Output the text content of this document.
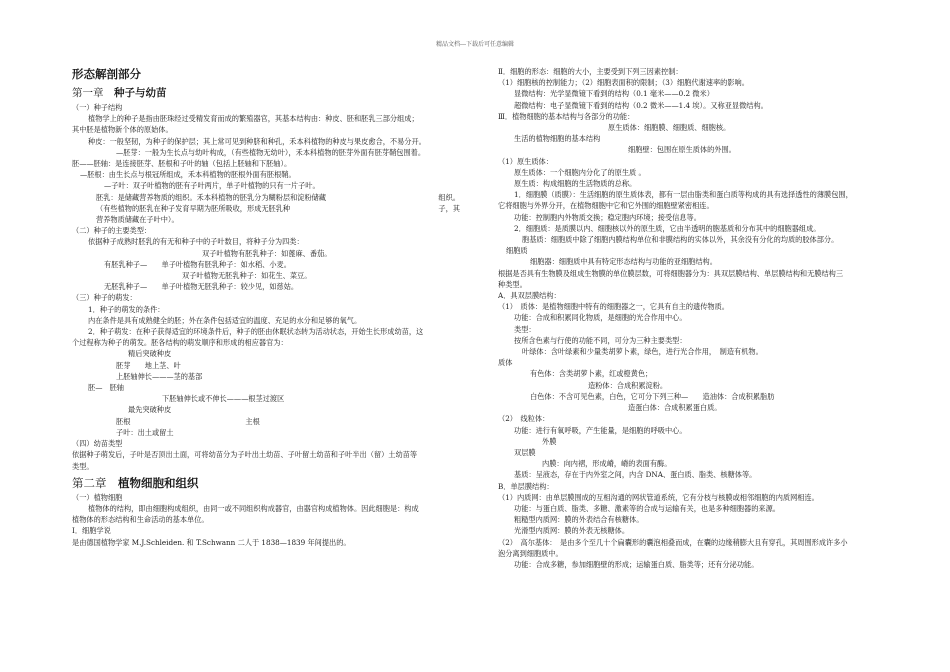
精品文档---下载后可任意编辑
形态解剖部分
第一章　 种子与幼苗
（一）种子结构
植物学上的种子是指由胚珠经过受精发育而成的繁殖器官，其基本结构由：种皮、胚和胚乳三部分组成；
其中胚是植物新个体的原始体。
种皮：一般坚韧，为种子的保护层；其上常可见到种脐和种孔，禾本科植物的种皮与果皮愈合，不易分开。
—胚芽：一般为生长点与幼叶构成，（有些植物无幼叶），禾本科植物的胚芽外面有胚芽鞘包围着。
胚——胚轴：是连接胚芽、胚根和子叶的轴（包括上胚轴和下胚轴）。
—胚根：由生长点与根冠所组成，禾本科植物的胚根外面有胚根鞘。
—子叶：双子叶植物的胚有子叶两片，单子叶植物的只有一片子叶。
胚乳：是储藏营养物质的组织。禾本科植物的胚乳分为糊粉层和淀粉储藏	组织。
（有些植物的胚乳在种子发育早期为胚所吸收，形成无胚乳种	子，其
营养物质储藏在子叶中）。
（二）种子的主要类型：
依据种子成熟时胚乳的有无和种子中的子叶数目，将种子分为四类：
双子叶植物有胚乳种子：如蓖麻、番茄。
有胚乳种子—　　单子叶植物有胚乳种子：如水稻、小麦。
双子叶植物无胚乳种子：如花生、菜豆。
无胚乳种子—　　单子叶植物无胚乳种子：较少见，如慈姑。
（三）种子的萌发：
1．种子的萌发的条件：
内在条件是具有成熟健全的胚；外在条件包括适宜的温度、充足的水分和足够的氧气。
2．种子萌发：在种子获得适宜的环境条件后，种子的胚由休眠状态转为活动状态，开始生长形成幼苗，这
个过程称为种子的萌发。胚各结构的萌发顺序和形成的相应器官为：
精后突破种皮
胚芽　　地上茎、叶
上胚轴伸长———茎的基部
胚—　胚轴
下胚轴伸长或不伸长———根茎过渡区
最先突破种皮
胚根　　　　　　　　　　　　　　　　主根
子叶：出土或留土
（四）幼苗类型
依据种子萌发后，子叶是否顶出土面，可将幼苗分为子叶出土幼苗、子叶留土幼苗和子叶半出（留）土幼苗等
类型。
第二章　 植物细胞和组织
（一）植物细胞
植物体的结构，即由细胞构成组织，由同一或不同组织构成器官，由器官构成植物体。因此细胞是：构成
植物体的形态结构和生命活动的基本单位。
Ⅰ．细胞学说
是由德国植物学家 M.J.Schleiden. 和 T.Schwann 二人于 1838—1839 年间提出的。
Ⅱ．细胞的形态：细胞的大小，主要受到下列三因素控制：
（1）细胞核的控制能力；（2）细胞表面积的限制；（3）细胞代谢速率的影响。
显微结构：光学显微镜下看到的结构（0.1 毫米——0.2 微米）
超微结构：电子显微镜下看到的结构（0.2 微米——1.4 埃）。又称亚显微结构。
Ⅲ．植物细胞的基本结构与各部分的功能：
原生质体：细胞膜、细胞质、细胞核。
生活的植物细胞的基本结构
细胞壁：包围在原生质体的外围。
（1）原生质体：
原生质体：一个细胞内分化了的原生质 。
原生质：构成细胞的生活物质的总称。
1．细胞膜（质膜）：生活细胞的原生质体表，都有一层由脂类和蛋白质等构成的具有选择透性的薄膜包围，
它将细胞与外界分开，在植物细胞中它和它外围的细胞壁紧密相连。
功能：控制胞内外物质交换；稳定胞内环境；接受信息等。
2．细胞质：是质膜以内、细胞核以外的原生质，它由半透明的胞基质和分布其中的细胞器组成。
胞基质：细胞质中除了细胞内膜结构单位和非膜结构的实体以外，其余没有分化的均质的胶体部分。
细胞质
细胞器：细胞质中具有特定形态结构与功能的亚细胞结构。
根据是否具有生物膜及组成生物膜的单位膜层数，可将细胞器分为：具双层膜结构、单层膜结构和无膜结构三
种类型。
A．具双层膜结构：
（1）　质体：是植物细胞中特有的细胞器之一，它具有自主的遗传物质。
功能：合成和积累同化物质，是细胞的光合作用中心。
类型：
按所含色素与行使的功能不同，可分为三种主要类型：
叶绿体：含叶绿素和少量类胡萝卜素，绿色，进行光合作用，　制造有机物。
质体
有色体：含类胡萝卜素，红或橙黄色；
造粉体：合成积累淀粉。
白色体：不含可见色素，白色，它可分下列三种—　　造油体：合成积累脂肪
造蛋白体：合成积累蛋白质。
（2）　线粒体：
功能：进行有氧呼吸，产生能量，是细胞的呼吸中心。
外膜
双层膜
内膜：向内褶，形成嵴，嵴的表面有酶。
基质：呈液态，存在于内外室之间，内含 DNA、蛋白质、脂类、核糖体等。
B．单层膜结构：
（1）内质网：由单层膜围成的互相沟通的网状管道系统，它有分枝与核膜或相邻细胞的内质网相连。
功能：与蛋白质、脂类、多糖、激素等的合成与运输有关，也是多种细胞器的来源。
粗糙型内质网：膜的外表结合有核糖体。
光滑型内质网：膜的外表无核糖体。
（2）　高尔基体：　是由多个至几十个扁囊形的囊泡相叠而成，在囊的边缘稍膨大且有穿孔，其周围形成许多小
泡分离到细胞质中。
功能：合成多糖，参加细胞壁的形成；运输蛋白质、脂类等；还有分泌功能。
